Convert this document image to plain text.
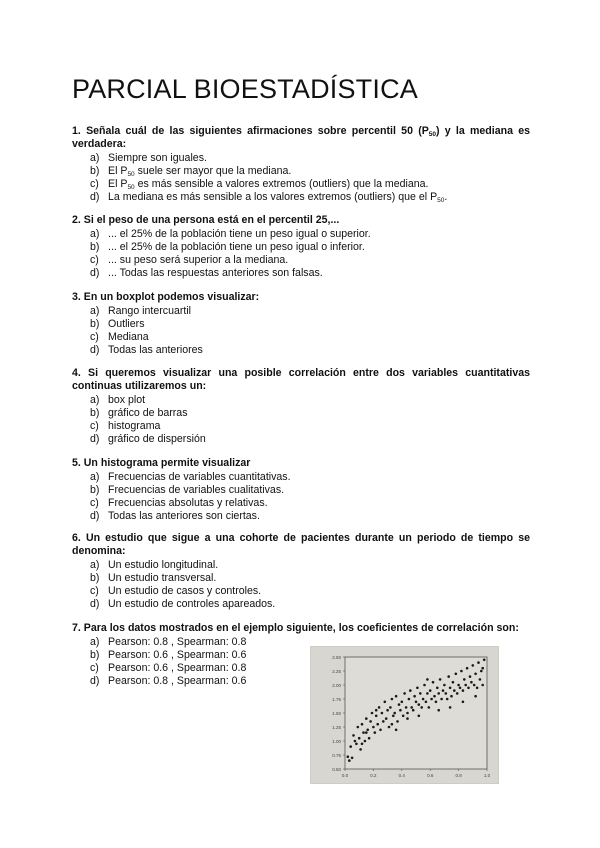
PARCIAL BIOESTADÍSTICA
1. Señala cuál de las siguientes afirmaciones sobre percentil 50 $(P_{50})$ y la mediana es verdadera:
a) Siempre son iguales.
b) El $P_{50}$ suele ser mayor que la mediana.
c) El $P_{50}$ es más sensible a valores extremos (outliers) que la mediana.
d) La mediana es más sensible a los valores extremos (outliers) que el $P_{50}$.
2. Si el peso de una persona está en el percentil 25,...
a) ... el 25% de la población tiene un peso igual o superior.
b) ... el 25% de la población tiene un peso igual o inferior.
c) ... su peso será superior a la mediana.
d) ... Todas las respuestas anteriores son falsas.
3. En un boxplot podemos visualizar:
a) Rango intercuartil
b) Outliers
c) Mediana
d) Todas las anteriores
4. Si queremos visualizar una posible correlación entre dos variables cuantitativas continuas utilizaremos un:
a) box plot
b) gráfico de barras
c) histograma
d) gráfico de dispersión
5. Un histograma permite visualizar
a) Frecuencias de variables cuantitativas.
b) Frecuencias de variables cualitativas.
c) Frecuencias absolutas y relativas.
d) Todas las anteriores son ciertas.
6. Un estudio que sigue a una cohorte de pacientes durante un periodo de tiempo se denomina:
a) Un estudio longitudinal.
b) Un estudio transversal.
c) Un estudio de casos y controles.
d) Un estudio de controles apareados.
7. Para los datos mostrados en el ejemplo siguiente, los coeficientes de correlación son:
a) Pearson: 0.8 , Spearman: 0.8
b) Pearson: 0.6 , Spearman: 0.6
c) Pearson: 0.6 , Spearman: 0.8
d) Pearson: 0.8 , Spearman: 0.6
2.50
2.25
2.00
1.75
1.50
1.25
1.00
0.75
0.50
0.0	0.2	0.4	0.6	0.8	1.0
